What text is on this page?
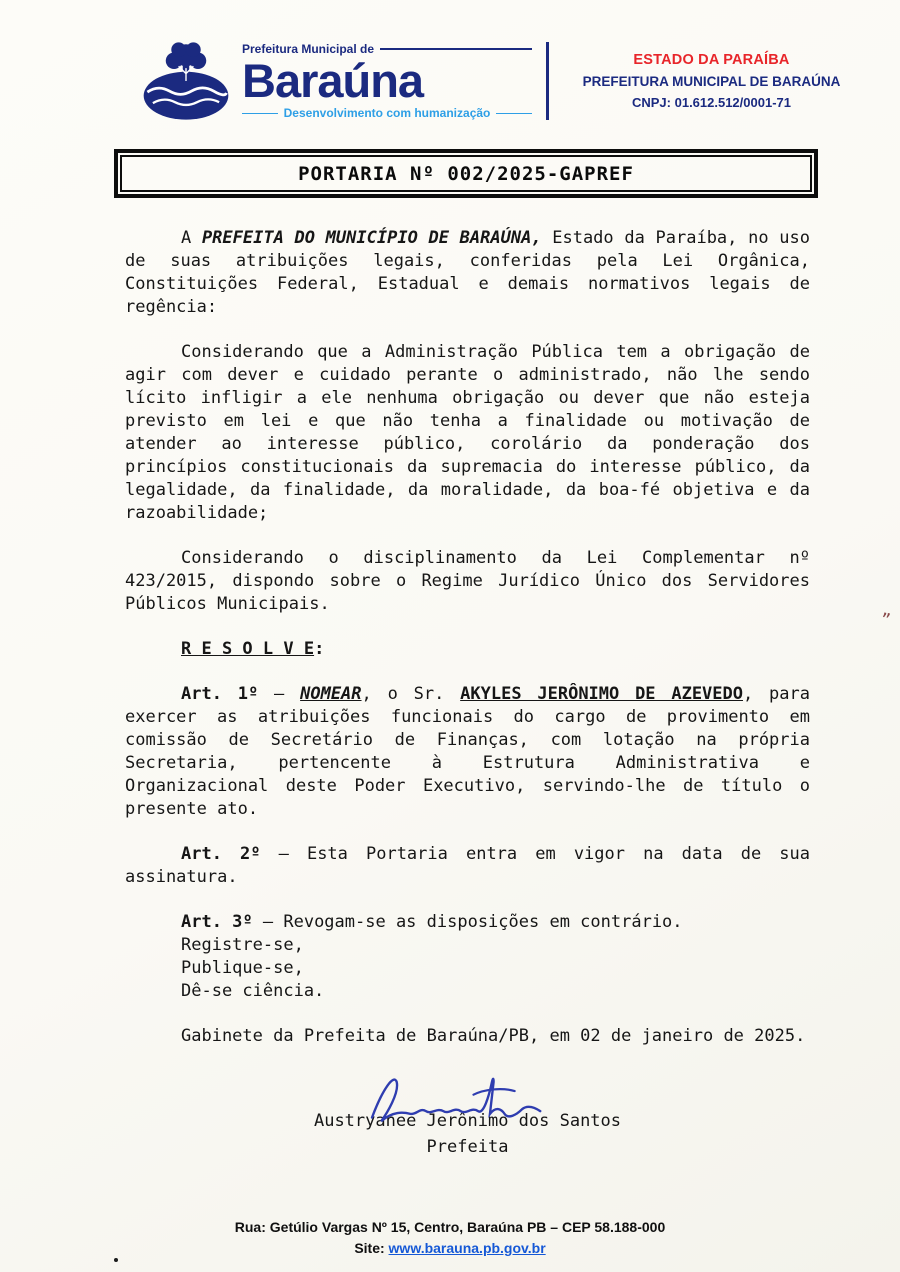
Prefeitura Municipal de
Baraúna
Desenvolvimento com humanização
ESTADO DA PARAÍBA
PREFEITURA MUNICIPAL DE BARAÚNA
CNPJ: 01.612.512/0001-71
PORTARIA Nº 002/2025-GAPREF

A PREFEITA DO MUNICÍPIO DE BARAÚNA, Estado da Paraíba, no uso de suas atribuições legais, conferidas pela Lei Orgânica, Constituições Federal, Estadual e demais normativos legais de regência:

Considerando que a Administração Pública tem a obrigação de agir com dever e cuidado perante o administrado, não lhe sendo lícito infligir a ele nenhuma obrigação ou dever que não esteja previsto em lei e que não tenha a finalidade ou motivação de atender ao interesse público, corolário da ponderação dos princípios constitucionais da supremacia do interesse público, da legalidade, da finalidade, da moralidade, da boa-fé objetiva e da razoabilidade;

Considerando o disciplinamento da Lei Complementar nº 423/2015, dispondo sobre o Regime Jurídico Único dos Servidores Públicos Municipais.

R E S O L V E:

Art. 1º – NOMEAR, o Sr. AKYLES JERÔNIMO DE AZEVEDO, para exercer as atribuições funcionais do cargo de provimento em comissão de Secretário de Finanças, com lotação na própria Secretaria, pertencente à Estrutura Administrativa e Organizacional deste Poder Executivo, servindo-lhe de título o presente ato.

Art. 2º – Esta Portaria entra em vigor na data de sua assinatura.

Art. 3º – Revogam-se as disposições em contrário.

Registre-se,

Publique-se,

Dê-se ciência.

Gabinete da Prefeita de Baraúna/PB, em 02 de janeiro de 2025.

Austryanee Jerônimo dos Santos
Prefeita
”
Rua: Getúlio Vargas Nº 15, Centro, Baraúna PB – CEP 58.188-000
Site: www.barauna.pb.gov.br
